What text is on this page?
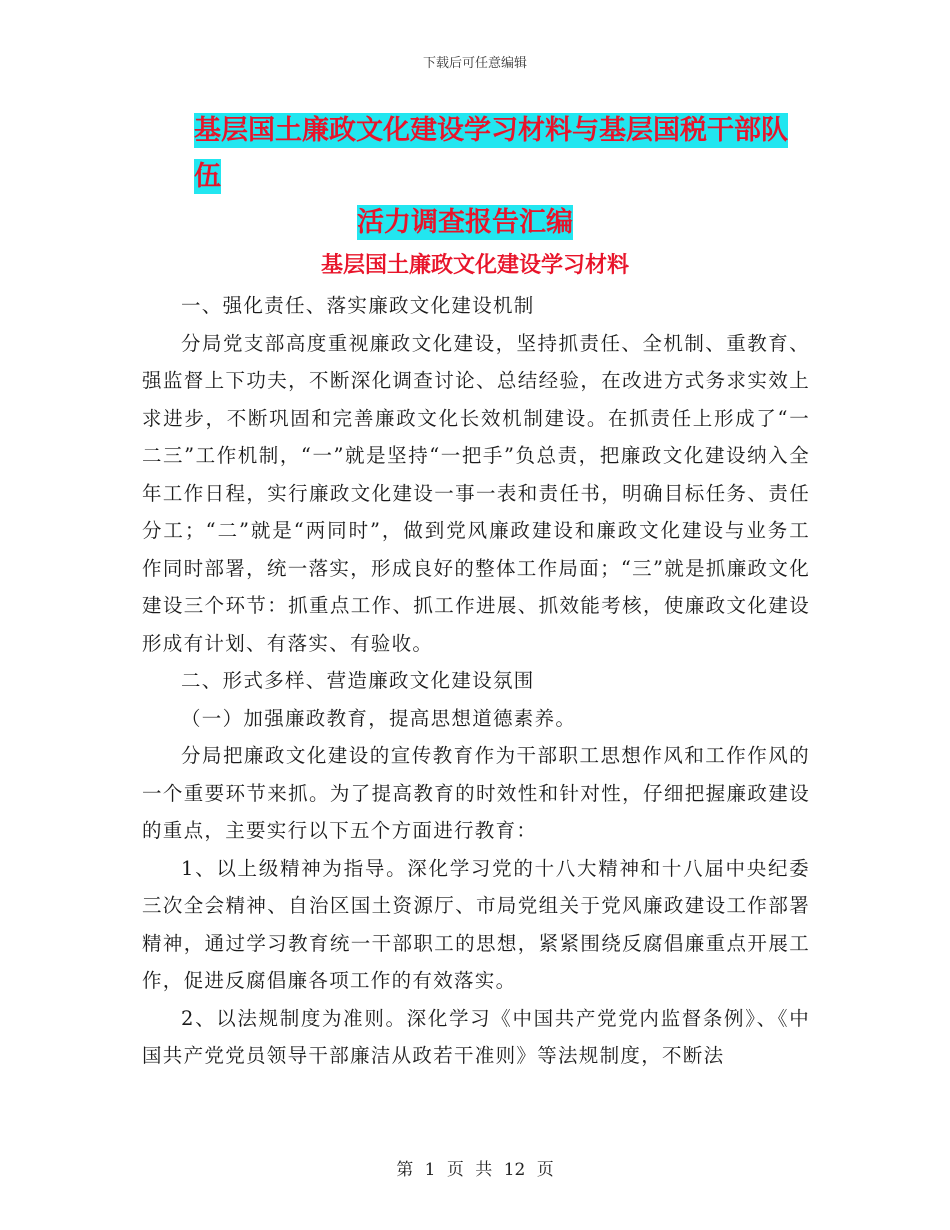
下载后可任意编辑
基层国土廉政文化建设学习材料与基层国税干部队伍
活力调查报告汇编
基层国土廉政文化建设学习材料

一、强化责任、落实廉政文化建设机制

分局党支部高度重视廉政文化建设，坚持抓责任、全机制、重教育、强监督上下功夫，不断深化调查讨论、总结经验，在改进方式务求实效上求进步，不断巩固和完善廉政文化长效机制建设。在抓责任上形成了“一二三”工作机制，“一”就是坚持“一把手”负总责，把廉政文化建设纳入全年工作日程，实行廉政文化建设一事一表和责任书，明确目标任务、责任分工；“二”就是“两同时”，做到党风廉政建设和廉政文化建设与业务工作同时部署，统一落实，形成良好的整体工作局面；“三”就是抓廉政文化建设三个环节：抓重点工作、抓工作进展、抓效能考核，使廉政文化建设形成有计划、有落实、有验收。

二、形式多样、营造廉政文化建设氛围

（一）加强廉政教育，提高思想道德素养。

分局把廉政文化建设的宣传教育作为干部职工思想作风和工作作风的一个重要环节来抓。为了提高教育的时效性和针对性，仔细把握廉政建设的重点，主要实行以下五个方面进行教育：

1、以上级精神为指导。深化学习党的十八大精神和十八届中央纪委三次全会精神、自治区国土资源厅、市局党组关于党风廉政建设工作部署精神，通过学习教育统一干部职工的思想，紧紧围绕反腐倡廉重点开展工作，促进反腐倡廉各项工作的有效落实。

2、以法规制度为准则。深化学习《中国共产党党内监督条例》、《中国共产党党员领导干部廉洁从政若干准则》等法规制度，不断法

第 1 页 共 12 页
